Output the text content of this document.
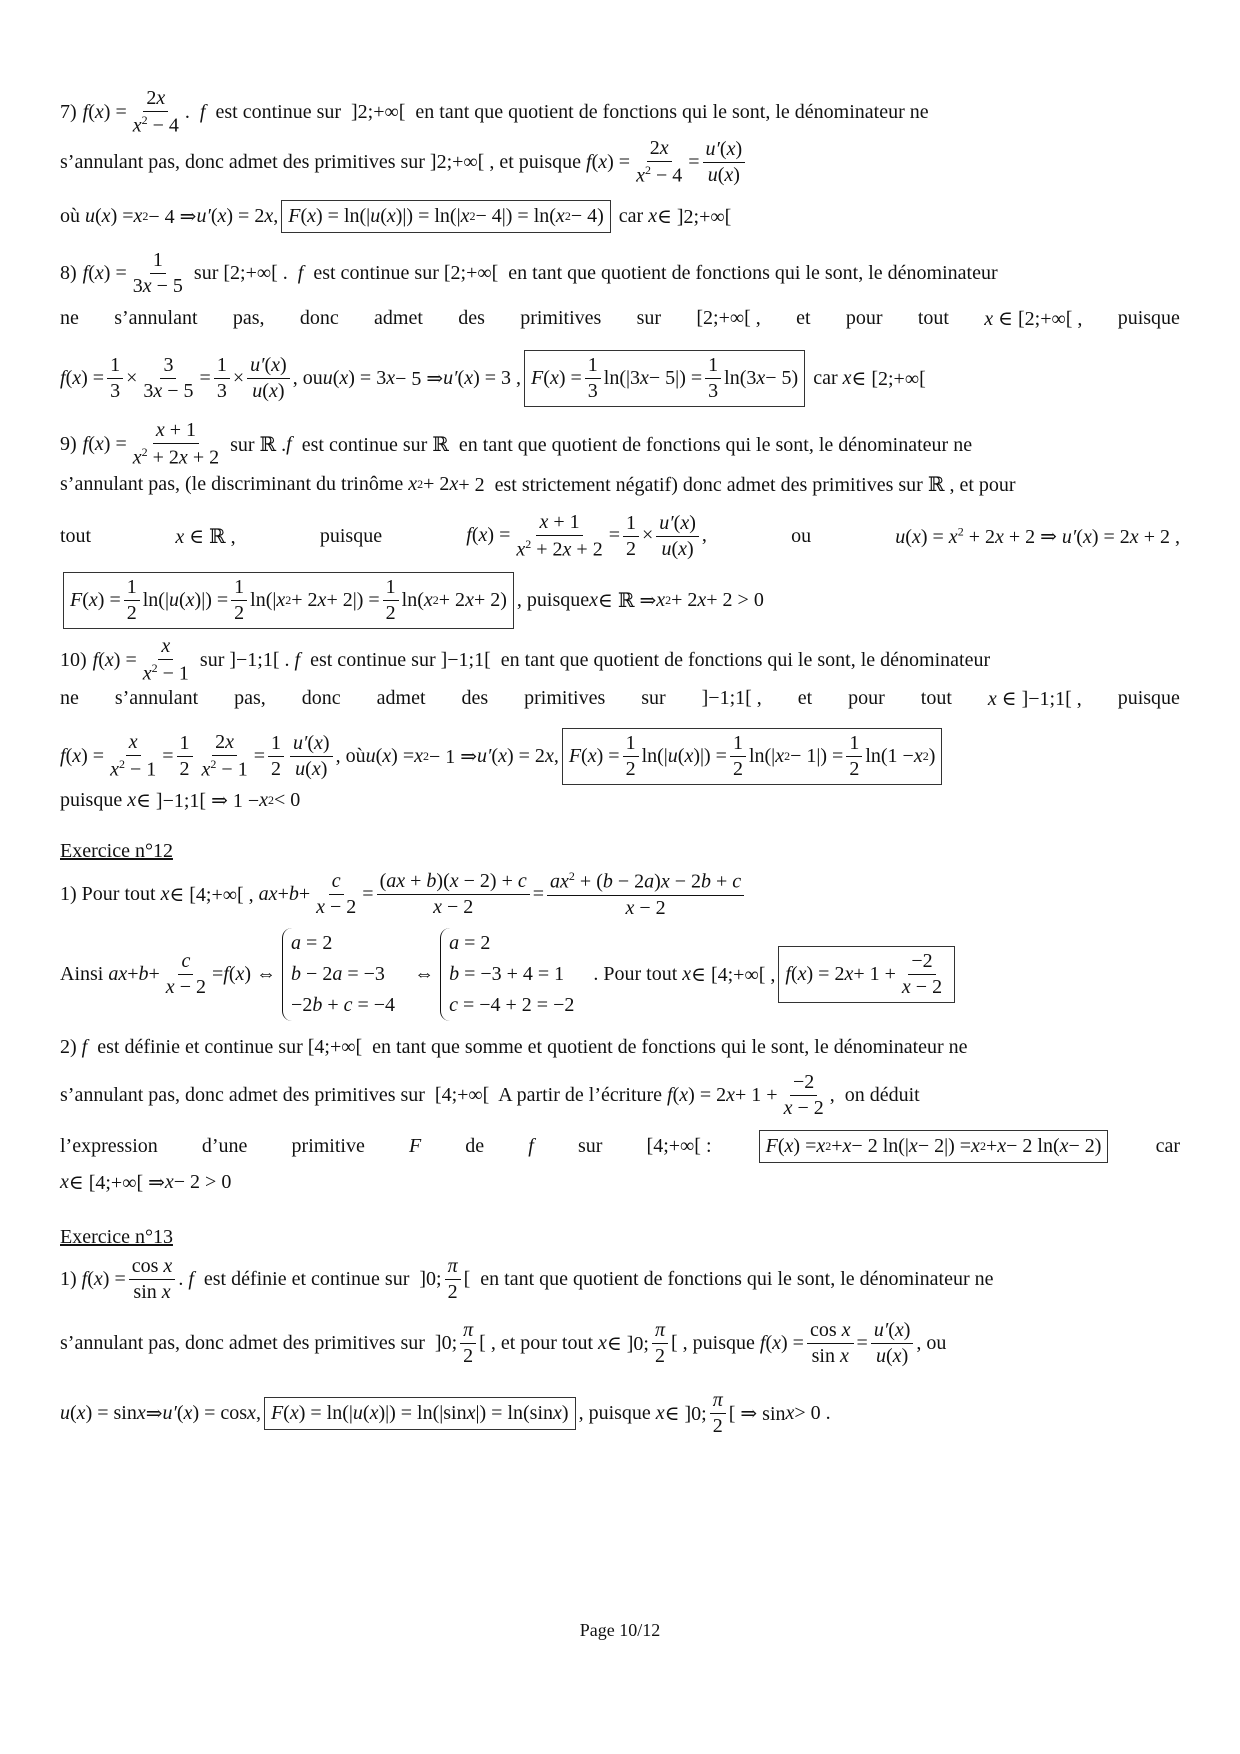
7) f ( x ) = $\frac{2x}{x^2 - 4}$ . f est continue sur  ]2;+∞[  en tant que quotient de fonctions qui le sont, le dénominateur ne
s’annulant pas, donc admet des primitives sur ]2;+∞[ , et puisque f ( x ) = $\frac{2x}{x^2 - 4} = \frac{u'(x)}{u(x)}$
où u ( x ) = x 2 − 4 ⇒ u′ ( x ) = 2 x , F ( x ) = ln(| u ( x )|) = ln(| x 2 − 4|) = ln( x 2 − 4) car x ∈ ]2;+∞[
8) f ( x ) = $\frac{1}{3x - 5}$ sur [2;+∞[ . f est continue sur [2;+∞[  en tant que quotient de fonctions qui le sont, le dénominateur
ne s’annulant pas, donc admet des primitives sur [2;+∞[ , et pour tout x ∈ [2;+∞[ , puisque
f ( x ) = $\frac{1}{3} \times \frac{3}{3x - 5} = \frac{1}{3} \times \frac{u'(x)}{u(x)}$ , ou u ( x ) = 3 x − 5 ⇒ u′ ( x ) = 3 , F ( x ) = $\frac{1}{3} \ln(|3$ $x - 5|) = \frac{1}{3} \ln(3$ x − 5) car x ∈ [2;+∞[
9) f ( x ) = $\frac{x + 1}{x^2 + 2x + 2}$ sur ℝ . f est continue sur ℝ  en tant que quotient de fonctions qui le sont, le dénominateur ne
s’annulant pas, (le discriminant du trinôme x 2 + 2 x + 2  est strictement négatif) donc admet des primitives sur ℝ , et pour
tout	x ∈ ℝ ,	puisque	$f(x) = \frac{x + 1}{x^2 + 2x + 2} = \frac{1}{2} \times \frac{u'(x)}{u(x)}$ ,	ou	$u(x) = x^2 + 2x + 2$ ⇒ u′(x) = 2x + 2 ,
F ( x ) = $\frac{1}{2} \ln(|$ u ( x )|) = $\frac{1}{2} \ln(|$ x 2 + 2 $x + 2|) = \frac{1}{2} \ln$( x 2 + 2 x + 2) , puisque x ∈ ℝ ⇒ x 2 + 2 x + 2 > 0
10) f ( x ) = $\frac{x}{x^2 - 1}$ sur ]−1;1[ . f est continue sur ]−1;1[  en tant que quotient de fonctions qui le sont, le dénominateur
ne s’annulant pas, donc admet des primitives sur ]−1;1[ , et pour tout x ∈ ]−1;1[ , puisque
f ( x ) = $\frac{x}{x^2 - 1} = \frac{1}{2} \frac{2x}{x^2 - 1} = \frac{1}{2} \frac{u'(x)}{u(x)}$ , où u ( x ) = x 2 − 1 ⇒ u′ ( x ) = 2 x , F ( x ) = $\frac{1}{2} \ln(|$ u ( x )|) = $\frac{1}{2} \ln(|$ x $2 - 1|) = \frac{1}{2} \ln(1 - x$ 2 )
puisque x ∈ ]−1;1[ ⇒ 1 − x 2 < 0
Exercice n°12
1) Pour tout x ∈ [4;+∞[ , ax + $b + \frac{c}{x - 2} = \frac{(ax + b)(x - 2) + c}{x - 2} = \frac{ax^2 + (b - 2a)x - 2b + c}{x - 2}$
Ainsi
ax + $b + \frac{c}{x - 2} = f$ ( x ) ⇔
a = 2
b − 2a = −3
−2b + c = −4
⇔
a = 2
b = −3 + 4 = 1
c = −4 + 2 = −2
. Pour tout x ∈ [4;+∞[ , f ( x ) = 2 $x + 1 + \frac{-2}{x - 2}$
2) f est définie et continue sur [4;+∞[  en tant que somme et quotient de fonctions qui le sont, le dénominateur ne
s’annulant pas, donc admet des primitives sur  [4;+∞[  A partir de l’écriture f ( x ) = 2 $x + 1 + \frac{-2}{x - 2}$ ,  on déduit
l’expression d’une primitive F de f sur [4;+∞[ :	F ( x ) = x 2 + x − 2 ln(| x − 2|) = x 2 + x − 2 ln( x − 2)	car
x ∈ [4;+∞[ ⇒ x − 2 > 0
Exercice n°13
1) f ( x ) = $\frac{\text{cos x}}{\text{sin x}}$ . f est définie et continue sur  ]0; $\frac{\pi}{2}$ [  en tant que quotient de fonctions qui le sont, le dénominateur ne
s’annulant pas, donc admet des primitives sur  ]0; $\frac{\pi}{2}$ [ , et pour tout x ∈ ]0; $\frac{\pi}{2}$ [ , puisque f ( x ) = $\frac{\text{cos x}}{\text{sin x}} = \frac{u'(x)}{u(x)}$ , ou
u ( x ) = sin x ⇒ u′ ( x ) = cos x , F ( x ) = ln(| u ( x )|) = ln(|sin x |) = ln(sin x ) , puisque x ∈ ]0; $\frac{\pi}{2}$ [ ⇒ sin x > 0 .
Page 10/12
